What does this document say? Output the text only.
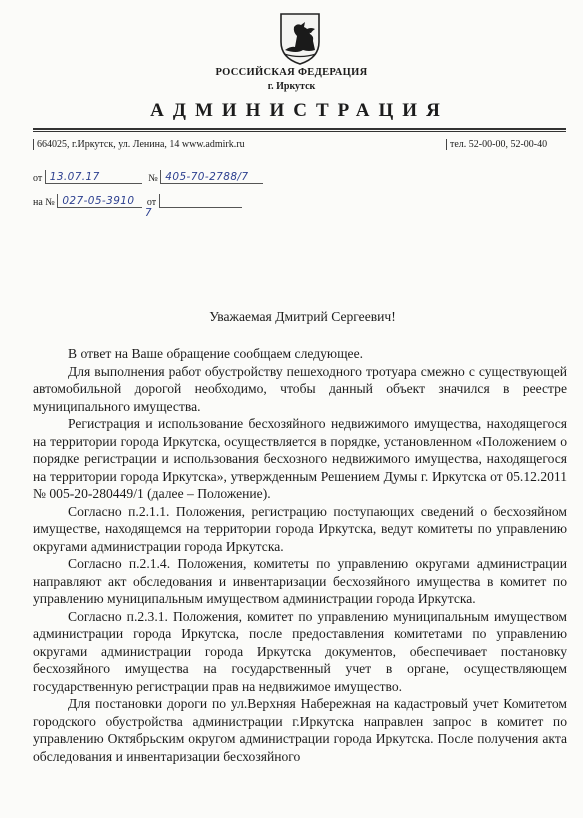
РОССИЙСКАЯ ФЕДЕРАЦИЯ
г. Иркутск
АДМИНИСТРАЦИЯ
664025, г.Иркутск, ул. Ленина, 14 www.admirk.ru	тел. 52-00-00, 52-00-40
от 13.07.17	№ 405-70-2788/7
на № 027-05-3910 от
7

Уважаемая Дмитрий Сергеевич!

В ответ на Ваше обращение сообщаем следующее.

Для выполнения работ обустройству пешеходного тротуара смежно с существующей автомобильной дорогой необходимо, чтобы данный объект значился в реестре муниципального имущества.

Регистрация и использование бесхозяйного недвижимого имущества, находящегося на территории города Иркутска, осуществляется в порядке, установленном «Положением о порядке регистрации и использования бесхозного недвижимого имущества, находящегося на территории города Иркутска», утвержденным Решением Думы г. Иркутска от 05.12.2011 № 005-20-280449/1 (далее – Положение).

Согласно п.2.1.1. Положения, регистрацию поступающих сведений о бесхозяйном имуществе, находящемся на территории города Иркутска, ведут комитеты по управлению округами администрации города Иркутска.

Согласно п.2.1.4. Положения, комитеты по управлению округами администрации направляют акт обследования и инвентаризации бесхозяйного имущества в комитет по управлению муниципальным имуществом администрации города Иркутска.

Согласно п.2.3.1. Положения, комитет по управлению муниципальным имуществом администрации города Иркутска, после предоставления комитетами по управлению округами администрации города Иркутска документов, обеспечивает постановку бесхозяйного имущества на государственный учет в органе, осуществляющем государственную регистрации прав на недвижимое имущество.

Для постановки дороги по ул.Верхняя Набережная на кадастровый учет Комитетом городского обустройства администрации г.Иркутска направлен запрос в комитет по управлению Октябрьским округом администрации города Иркутска. После получения акта обследования и инвентаризации бесхозяйного
